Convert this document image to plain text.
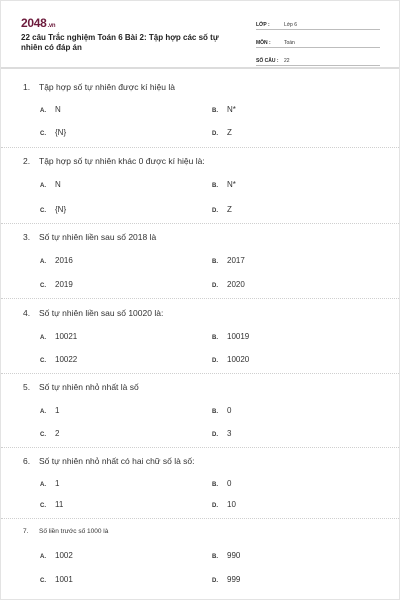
2048.vn
22 câu Trắc nghiệm Toán 6 Bài 2: Tập hợp các số tự nhiên có đáp án
LỚP :	Lớp 6
MÔN :	Toán
SỐ CÂU :	22
1. Tập hợp số tự nhiên được kí hiệu là
A. N	B. N*
C. {N}	D. Z
2. Tập hợp số tự nhiên khác 0 được kí hiệu là:
A. N	B. N*
C. {N}	D. Z
3. Số tự nhiên liền sau số 2018 là
A. 2016	B. 2017
C. 2019	D. 2020
4. Số tự nhiên liền sau số 10020 là:
A. 10021	B. 10019
C. 10022	D. 10020
5. Số tự nhiên nhỏ nhất là số
A. 1	B. 0
C. 2	D. 3
6. Số tự nhiên nhỏ nhất có hai chữ số là số:
A. 1	B. 0
C. 11	D. 10
7. Số liền trước số 1000 là
A. 1002	B. 990
C. 1001	D. 999
